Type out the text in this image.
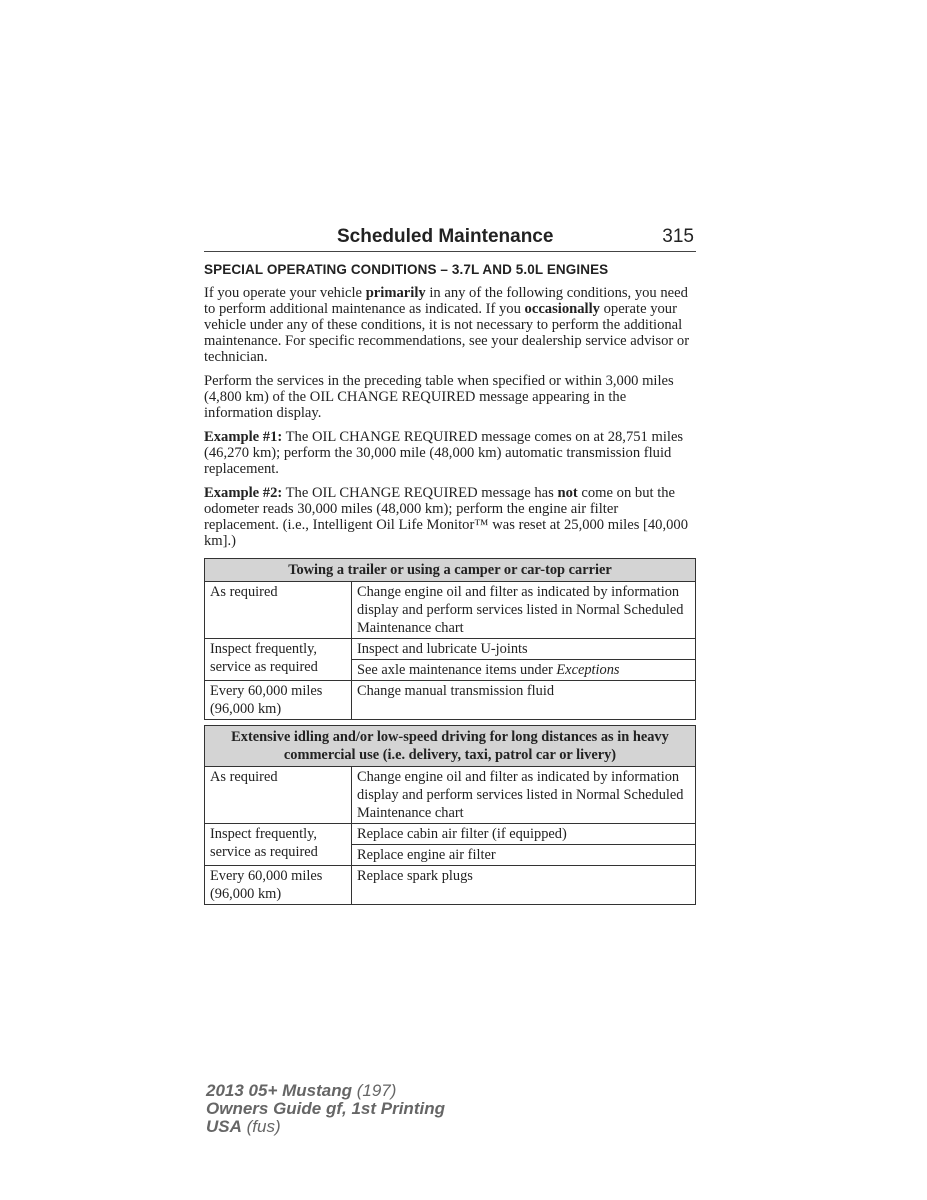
Scheduled Maintenance	315
SPECIAL OPERATING CONDITIONS – 3.7L AND 5.0L ENGINES

If you operate your vehicle primarily in any of the following conditions, you need to perform additional maintenance as indicated. If you occasionally operate your vehicle under any of these conditions, it is not necessary to perform the additional maintenance. For specific recommendations, see your dealership service advisor or technician.

Perform the services in the preceding table when specified or within 3,000 miles (4,800 km) of the OIL CHANGE REQUIRED message appearing in the information display.

Example #1: The OIL CHANGE REQUIRED message comes on at 28,751 miles (46,270 km); perform the 30,000 mile (48,000 km) automatic transmission fluid replacement.

Example #2: The OIL CHANGE REQUIRED message has not come on but the odometer reads 30,000 miles (48,000 km); perform the engine air filter replacement. (i.e., Intelligent Oil Life Monitor™ was reset at 25,000 miles [40,000 km].)

Towing a trailer or using a camper or car-top carrier	
As required	Change engine oil and filter as indicated by information display and perform services listed in Normal Scheduled Maintenance chart
Inspect frequently, service as required	Inspect and lubricate U-joints
	See axle maintenance items under Exceptions
Every 60,000 miles (96,000 km)	Change manual transmission fluid
Extensive idling and/or low-speed driving for long distances as in heavy commercial use (i.e. delivery, taxi, patrol car or livery)	
As required	Change engine oil and filter as indicated by information display and perform services listed in Normal Scheduled Maintenance chart
Inspect frequently, service as required	Replace cabin air filter (if equipped)
	Replace engine air filter
Every 60,000 miles (96,000 km)	Replace spark plugs
2013 05+ Mustang (197)
Owners Guide gf, 1st Printing
USA (fus)
